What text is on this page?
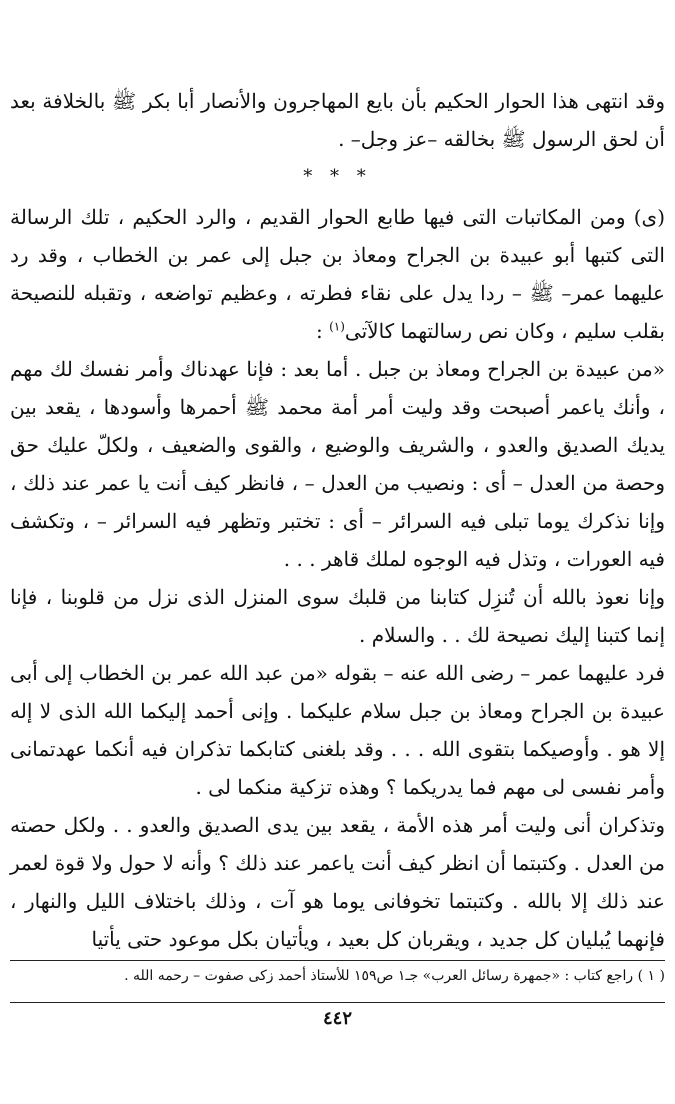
وقد انتهى هذا الحوار الحكيم بأن بايع المهاجرون والأنصار أبا بكر ﷺ بالخلافة بعد أن لحق الرسول ﷺ بخالقه –عز وجل– .

* * *

(ى) ومن المكاتبات التى فيها طابع الحوار القديم ، والرد الحكيم ، تلك الرسالة التى كتبها أبو عبيدة بن الجراح ومعاذ بن جبل إلى عمر بن الخطاب ، وقد رد عليهما عمر– ﷺ – ردا يدل على نقاء فطرته ، وعظيم تواضعه ، وتقبله للنصيحة بقلب سليم ، وكان نص رسالتهما كالآتى$^{(١)}$ :

«من عبيدة بن الجراح ومعاذ بن جبل . أما بعد : فإنا عهدناك وأمر نفسك لك مهم ، وأنك ياعمر أصبحت وقد وليت أمر أمة محمد ﷺ أحمرها وأسودها ، يقعد بين يديك الصديق والعدو ، والشريف والوضيع ، والقوى والضعيف ، ولكلّ عليك حق وحصة من العدل – أى : ونصيب من العدل – ، فانظر كيف أنت يا عمر عند ذلك ، وإنا نذكرك يوما تبلى فيه السرائر – أى : تختبر وتظهر فيه السرائر – ، وتكشف فيه العورات ، وتذل فيه الوجوه لملك قاهر . . .

وإنا نعوذ بالله أن تُنزِل كتابنا من قلبك سوى المنزل الذى نزل من قلوبنا ، فإنا إنما كتبنا إليك نصيحة لك . . والسلام .

فرد عليهما عمر – رضى الله عنه – بقوله «من عبد الله عمر بن الخطاب إلى أبى عبيدة بن الجراح ومعاذ بن جبل سلام عليكما . وإنى أحمد إليكما الله الذى لا إله إلا هو . وأوصيكما بتقوى الله . . . وقد بلغنى كتابكما تذكران فيه أنكما عهدتمانى وأمر نفسى لى مهم فما يدريكما ؟ وهذه تزكية منكما لى .

وتذكران أنى وليت أمر هذه الأمة ، يقعد بين يدى الصديق والعدو . . ولكل حصته من العدل . وكتبتما أن انظر كيف أنت ياعمر عند ذلك ؟ وأنه لا حول ولا قوة لعمر عند ذلك إلا بالله . وكتبتما تخوفانى يوما هو آت ، وذلك باختلاف الليل والنهار ، فإنهما يُبليان كل جديد ، ويقربان كل بعيد ، ويأتيان بكل موعود حتى يأتيا

( ١ ) راجع كتاب : «جمهرة رسائل العرب» جـ١ ص١٥٩ للأستاذ أحمد زكى صفوت – رحمه الله .
٤٤٢
